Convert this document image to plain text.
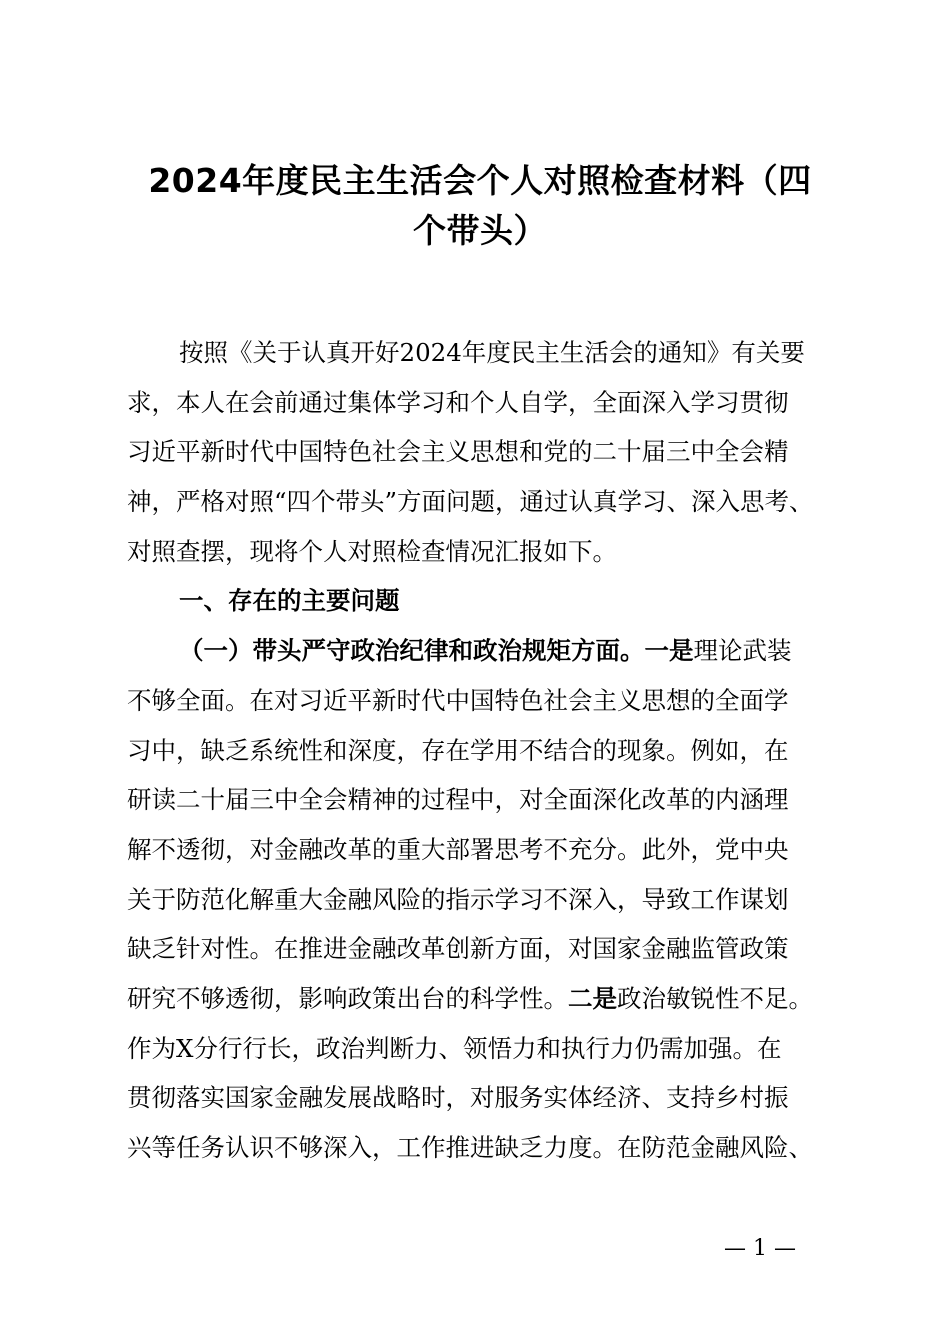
2024年度民主生活会个人对照检查材料（四
个带头）
按照《关于认真开好2024年度民主生活会的通知》有关要
求，本人在会前通过集体学习和个人自学，全面深入学习贯彻
习近平新时代中国特色社会主义思想和党的二十届三中全会精
神，严格对照“四个带头”方面问题，通过认真学习、深入思考、
对照查摆，现将个人对照检查情况汇报如下。
一、存在的主要问题
（一）带头严守政治纪律和政治规矩方面。一是理论武装
不够全面。在对习近平新时代中国特色社会主义思想的全面学
习中，缺乏系统性和深度，存在学用不结合的现象。例如，在
研读二十届三中全会精神的过程中，对全面深化改革的内涵理
解不透彻，对金融改革的重大部署思考不充分。此外，党中央
关于防范化解重大金融风险的指示学习不深入，导致工作谋划
缺乏针对性。在推进金融改革创新方面，对国家金融监管政策
研究不够透彻，影响政策出台的科学性。二是政治敏锐性不足。
作为X分行行长，政治判断力、领悟力和执行力仍需加强。在
贯彻落实国家金融发展战略时，对服务实体经济、支持乡村振
兴等任务认识不够深入，工作推进缺乏力度。在防范金融风险、
— 1 —
